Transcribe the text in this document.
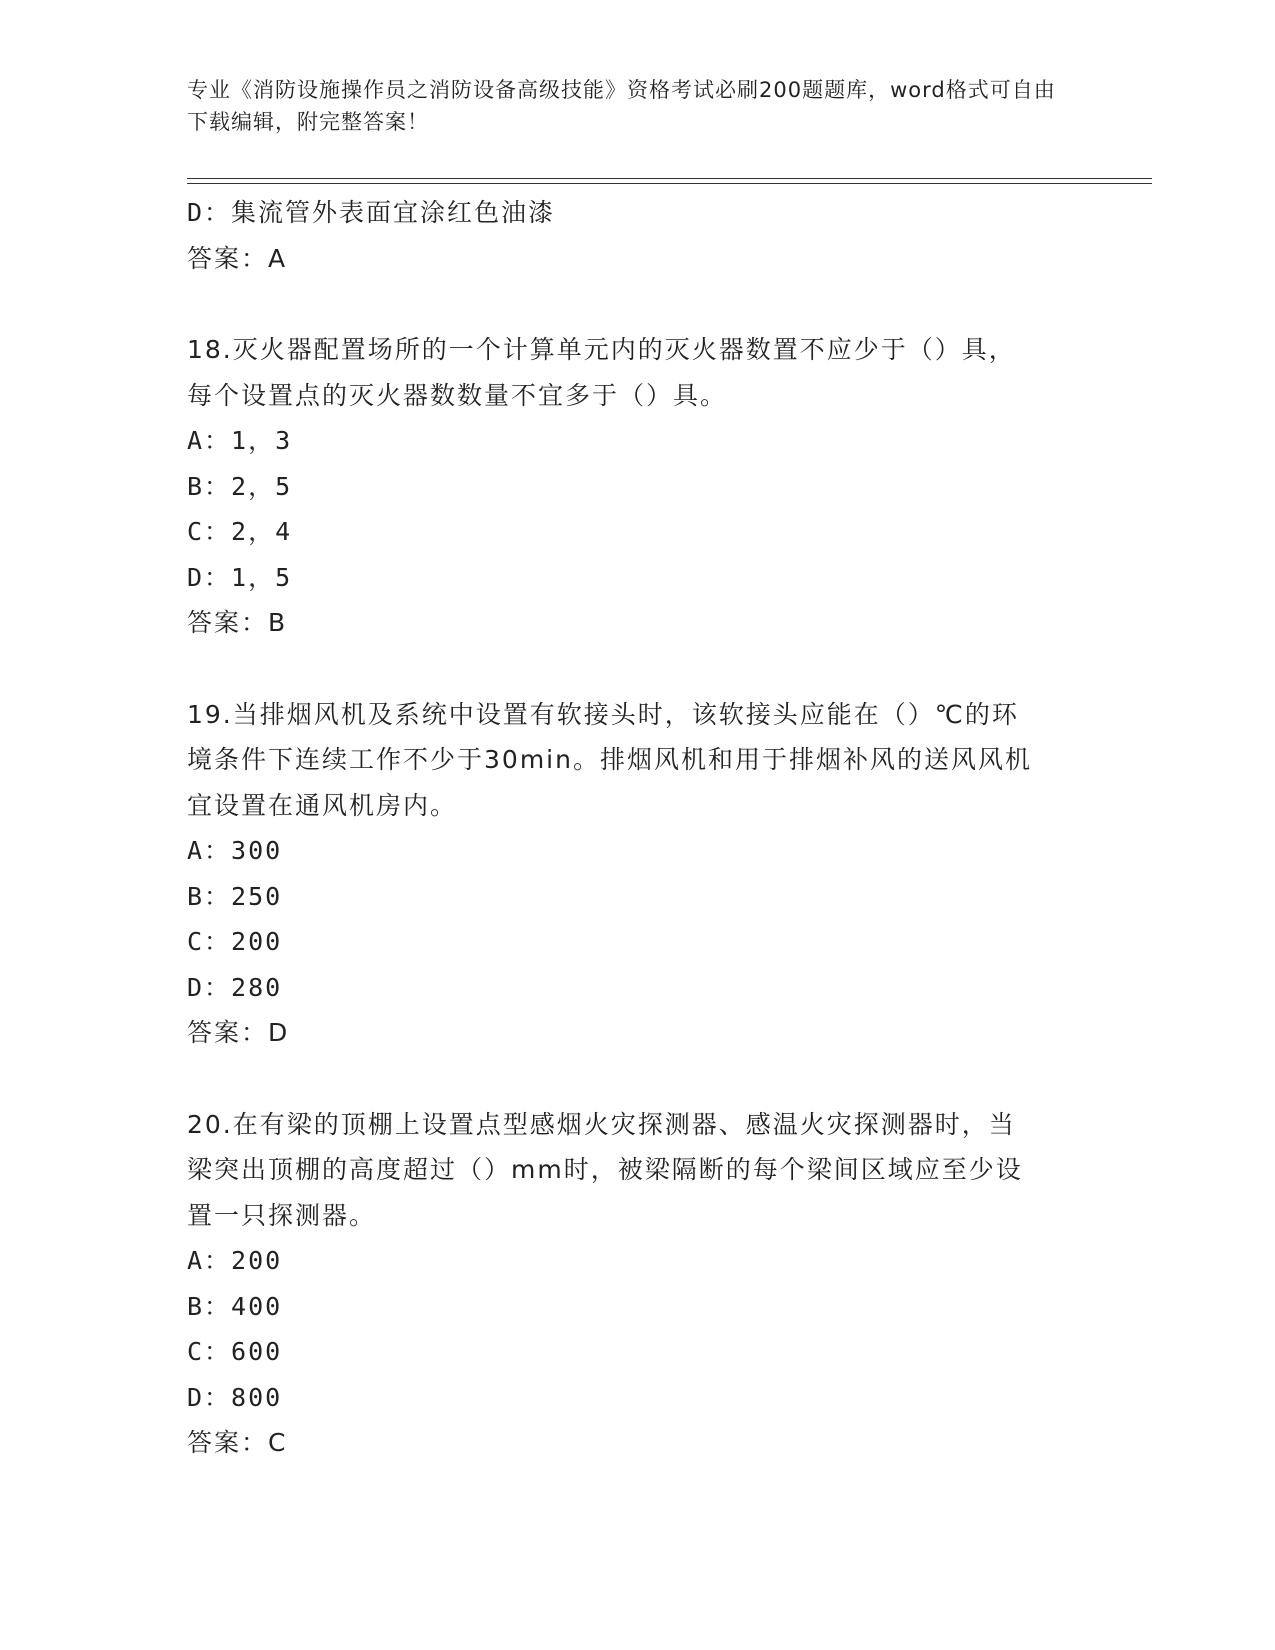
专业《消防设施操作员之消防设备高级技能》资格考试必刷200题题库，word格式可自由下载编辑，附完整答案！
D：集流管外表面宜涂红色油漆
答案：A
18.灭火器配置场所的一个计算单元内的灭火器数置不应少于（）具，
每个设置点的灭火器数数量不宜多于（）具。
A：1，3
B：2，5
C：2，4
D：1，5
答案：B
19.当排烟风机及系统中设置有软接头时，该软接头应能在（）℃的环
境条件下连续工作不少于30min。排烟风机和用于排烟补风的送风风机
宜设置在通风机房内。
A：300
B：250
C：200
D：280
答案：D
20.在有梁的顶棚上设置点型感烟火灾探测器、感温火灾探测器时，当
梁突出顶棚的高度超过（）mm时，被梁隔断的每个梁间区域应至少设
置一只探测器。
A：200
B：400
C：600
D：800
答案：C
